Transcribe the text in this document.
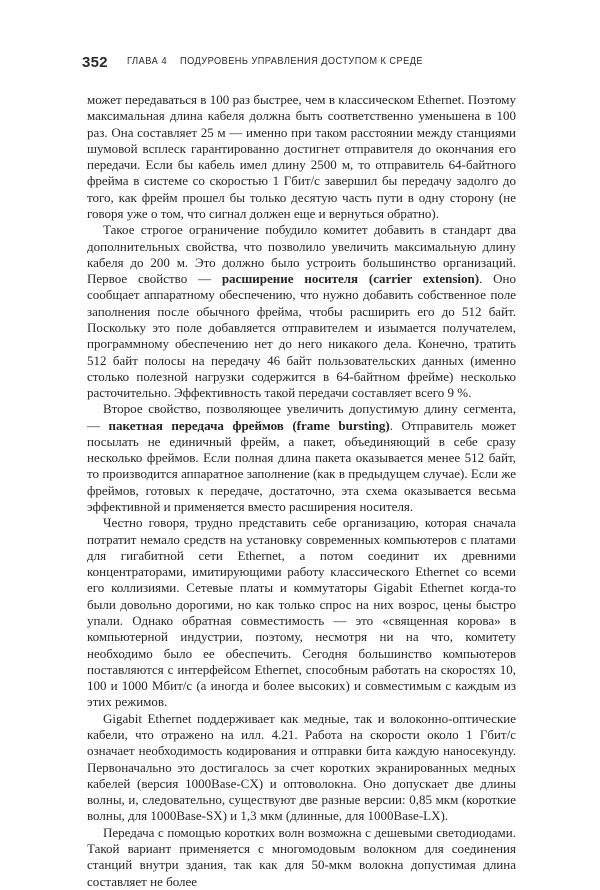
352 ГЛАВА 4 ПОДУРОВЕНЬ УПРАВЛЕНИЯ ДОСТУПОМ К СРЕДЕ

может передаваться в 100 раз быстрее, чем в классическом Ethernet. Поэтому максимальная длина кабеля должна быть соответственно уменьшена в 100 раз. Она составляет 25 м — именно при таком расстоянии между станциями шумовой всплеск гарантированно достигнет отправителя до окончания его передачи. Если бы кабель имел длину 2500 м, то отправитель 64-байтного фрейма в системе со скоростью 1 Гбит/с завершил бы передачу задолго до того, как фрейм прошел бы только десятую часть пути в одну сторону (не говоря уже о том, что сигнал должен еще и вернуться обратно).

Такое строгое ограничение побудило комитет добавить в стандарт два дополнительных свойства, что позволило увеличить максимальную длину кабеля до 200 м. Это должно было устроить большинство организаций. Первое свойство — расширение носителя (carrier extension). Оно сообщает аппаратному обеспечению, что нужно добавить собственное поле заполнения после обычного фрейма, чтобы расширить его до 512 байт. Поскольку это поле добавляется отправителем и изымается получателем, программному обеспечению нет до него никакого дела. Конечно, тратить 512 байт полосы на передачу 46 байт пользовательских данных (именно столько полезной нагрузки содержится в 64-байтном фрейме) несколько расточительно. Эффективность такой передачи составляет всего 9 %.

Второе свойство, позволяющее увеличить допустимую длину сегмента, — пакетная передача фреймов (frame bursting). Отправитель может посылать не единичный фрейм, а пакет, объединяющий в себе сразу несколько фреймов. Если полная длина пакета оказывается менее 512 байт, то производится аппаратное заполнение (как в предыдущем случае). Если же фреймов, готовых к передаче, достаточно, эта схема оказывается весьма эффективной и применяется вместо расширения носителя.

Честно говоря, трудно представить себе организацию, которая сначала потратит немало средств на установку современных компьютеров с платами для гигабитной сети Ethernet, а потом соединит их древними концентраторами, имитирующими работу классического Ethernet со всеми его коллизиями. Сетевые платы и коммутаторы Gigabit Ethernet когда-то были довольно дорогими, но как только спрос на них возрос, цены быстро упали. Однако обратная совместимость — это «священная корова» в компьютерной индустрии, поэтому, несмотря ни на что, комитету необходимо было ее обеспечить. Сегодня большинство компьютеров поставляются с интерфейсом Ethernet, способным работать на скоростях 10, 100 и 1000 Мбит/с (а иногда и более высоких) и совместимым с каждым из этих режимов.

Gigabit Ethernet поддерживает как медные, так и волоконно-оптические кабели, что отражено на илл. 4.21. Работа на скорости около 1 Гбит/с означает необходимость кодирования и отправки бита каждую наносекунду. Первоначально это достигалось за счет коротких экранированных медных кабелей (версия 1000Base-CX) и оптоволокна. Оно допускает две длины волны, и, следовательно, существуют две разные версии: 0,85 мкм (короткие волны, для 1000Base-SX) и 1,3 мкм (длинные, для 1000Base-LX).

Передача с помощью коротких волн возможна с дешевыми светодиодами. Такой вариант применяется с многомодовым волокном для соединения станций внутри здания, так как для 50-мкм волокна допустимая длина составляет не более
